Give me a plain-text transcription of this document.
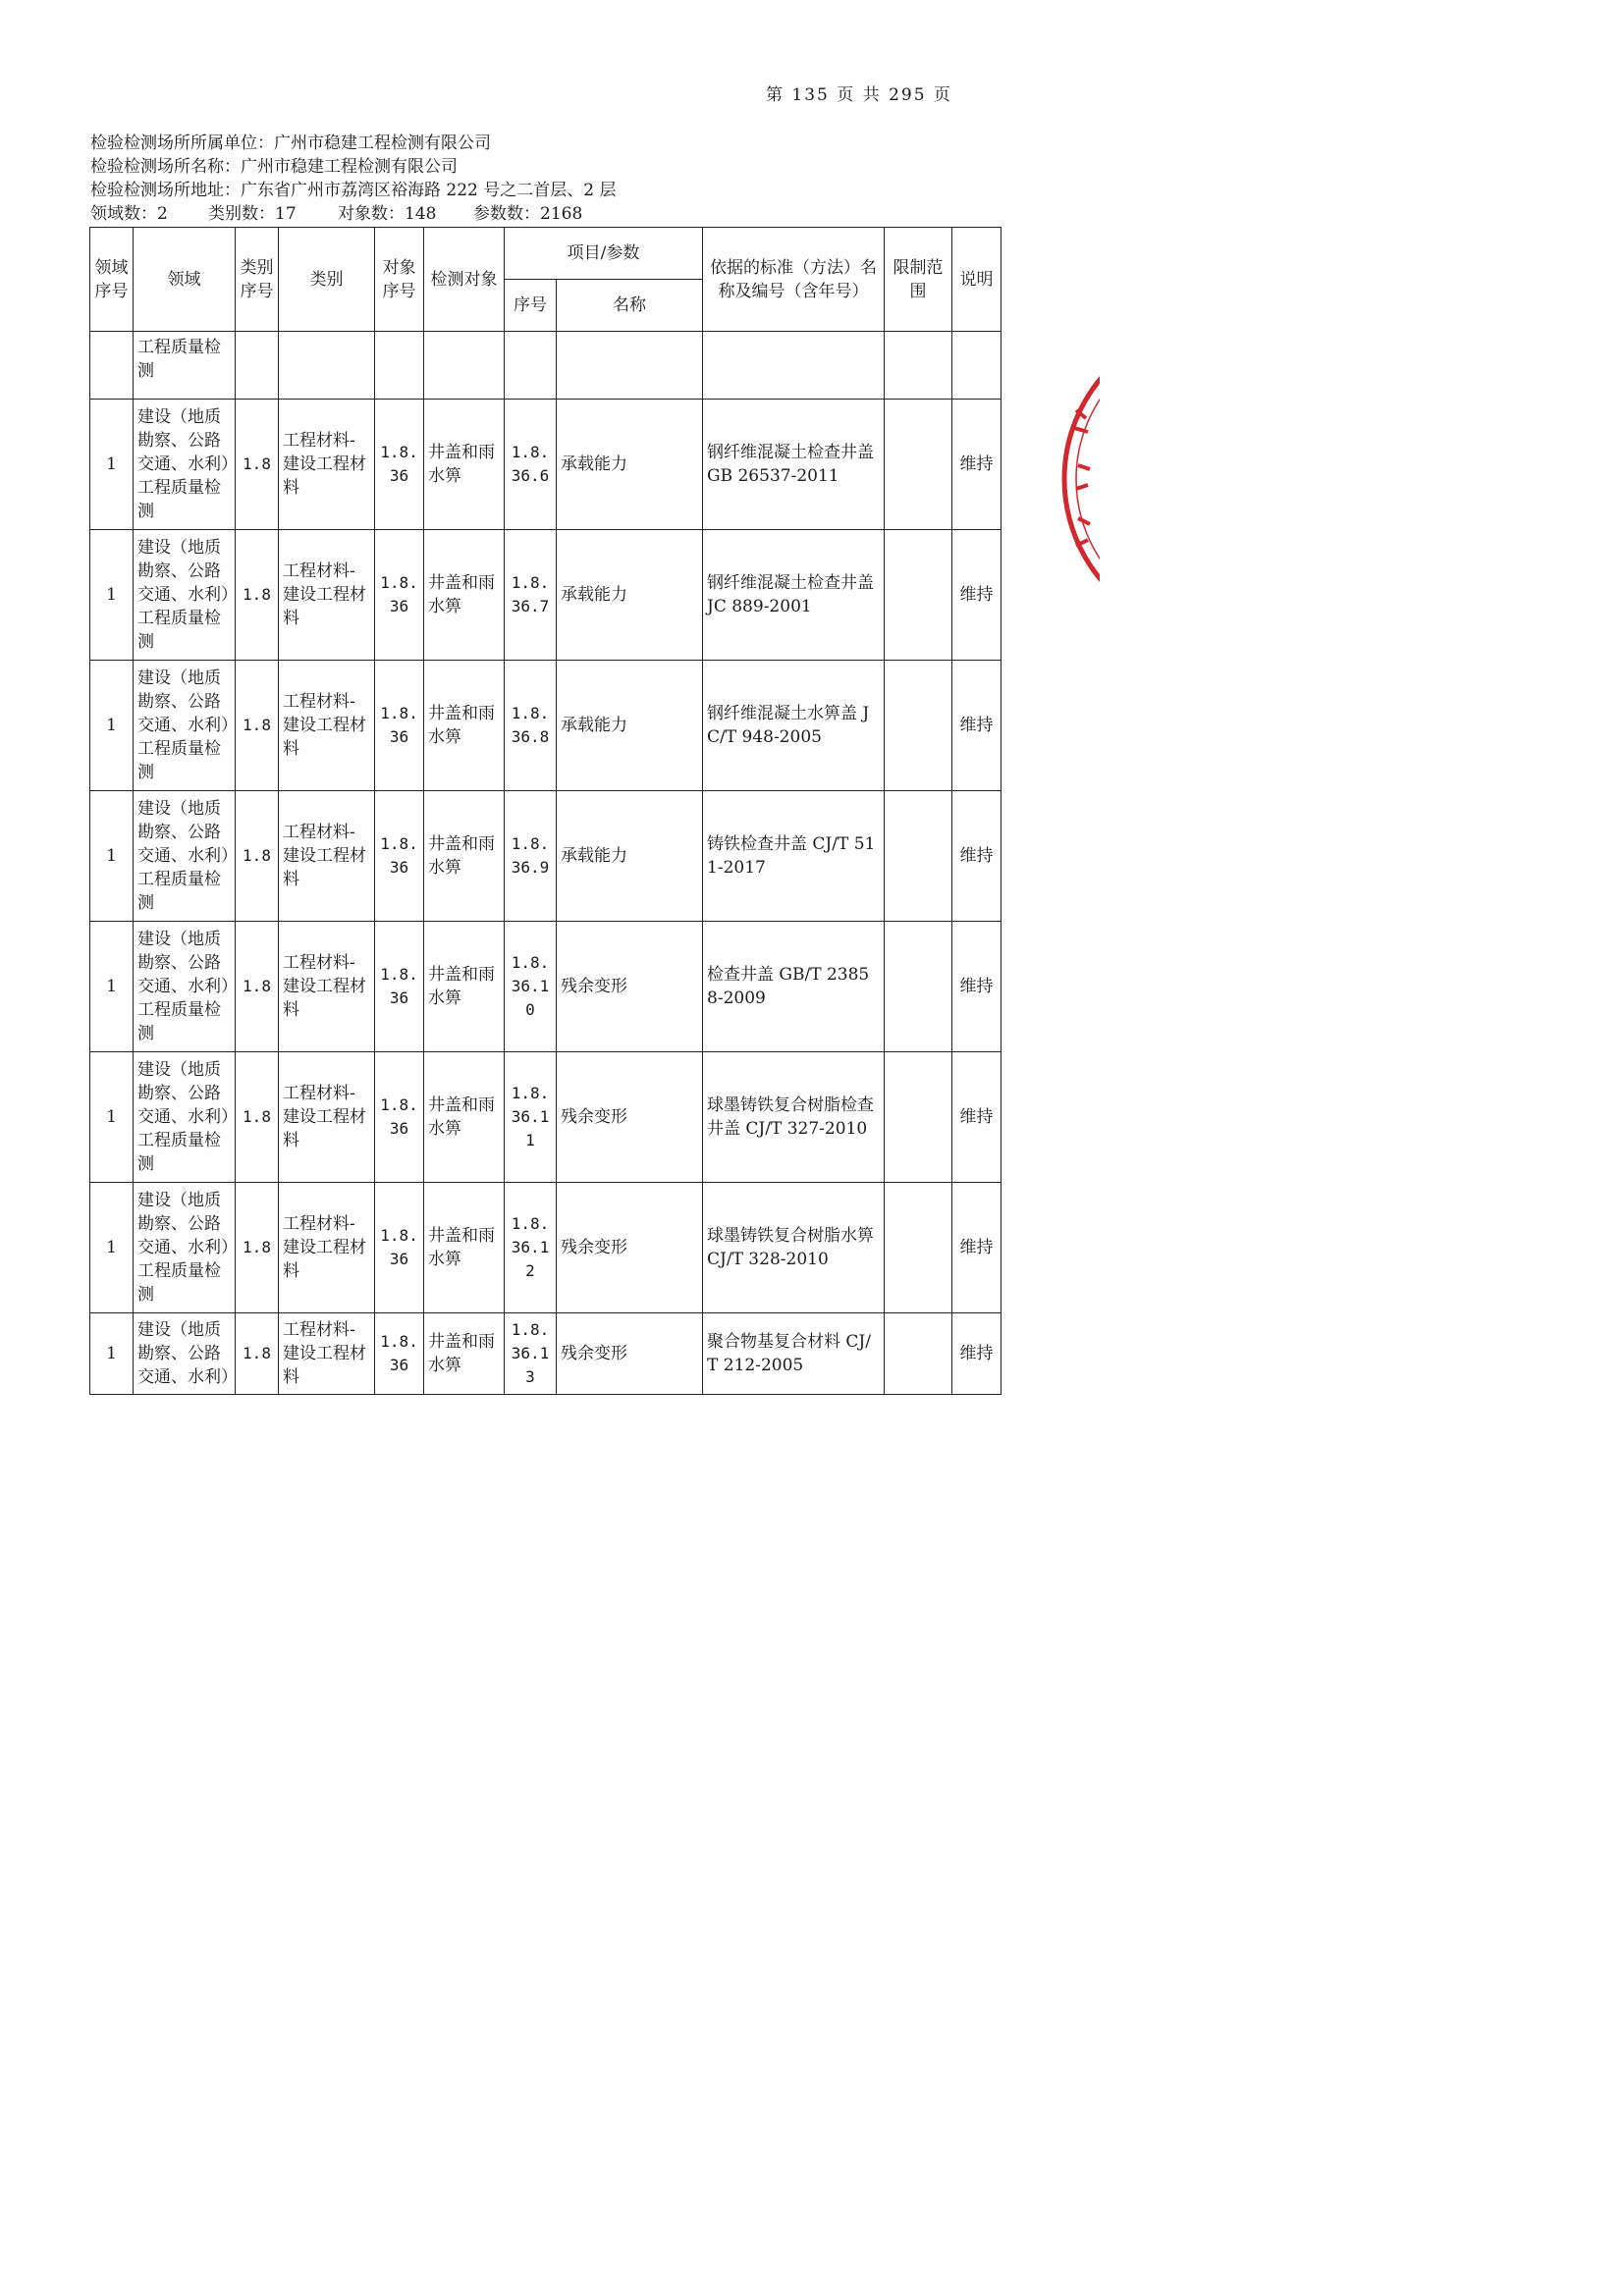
第 135 页 共 295 页
检验检测场所所属单位：广州市稳建工程检测有限公司
检验检测场所名称：广州市稳建工程检测有限公司
检验检测场所地址：广东省广州市荔湾区裕海路 222 号之二首层、2 层
领域数：2 类别数：17 对象数：148 参数数：2168
领域序号	领域	类别序号	类别	对象序号	检测对象	项目/参数		依据的标准（方法）名称及编号（含年号）	限制范围	说明
						序号	名称			
	工程质量检测									
1	建设（地质勘察、公路交通、水利）工程质量检测	1.8	工程材料-建设工程材料	1.8.36	井盖和雨水箅	1.8.36.6	承载能力	钢纤维混凝土检查井盖 GB 26537-2011		维持
1	建设（地质勘察、公路交通、水利）工程质量检测	1.8	工程材料-建设工程材料	1.8.36	井盖和雨水箅	1.8.36.7	承载能力	钢纤维混凝土检查井盖 JC 889-2001		维持
1	建设（地质勘察、公路交通、水利）工程质量检测	1.8	工程材料-建设工程材料	1.8.36	井盖和雨水箅	1.8.36.8	承载能力	钢纤维混凝土水箅盖 JC/T 948-2005		维持
1	建设（地质勘察、公路交通、水利）工程质量检测	1.8	工程材料-建设工程材料	1.8.36	井盖和雨水箅	1.8.36.9	承载能力	铸铁检查井盖 CJ/T 511-2017		维持
1	建设（地质勘察、公路交通、水利）工程质量检测	1.8	工程材料-建设工程材料	1.8.36	井盖和雨水箅	1.8.36.10	残余变形	检查井盖 GB/T 23858-2009		维持
1	建设（地质勘察、公路交通、水利）工程质量检测	1.8	工程材料-建设工程材料	1.8.36	井盖和雨水箅	1.8.36.11	残余变形	球墨铸铁复合树脂检查井盖 CJ/T 327-2010		维持
1	建设（地质勘察、公路交通、水利）工程质量检测	1.8	工程材料-建设工程材料	1.8.36	井盖和雨水箅	1.8.36.12	残余变形	球墨铸铁复合树脂水箅 CJ/T 328-2010		维持
1	建设（地质勘察、公路交通、水利）	1.8	工程材料-建设工程材料	1.8.36	井盖和雨水箅	1.8.36.13	残余变形	聚合物基复合材料 CJ/T 212-2005		维持
